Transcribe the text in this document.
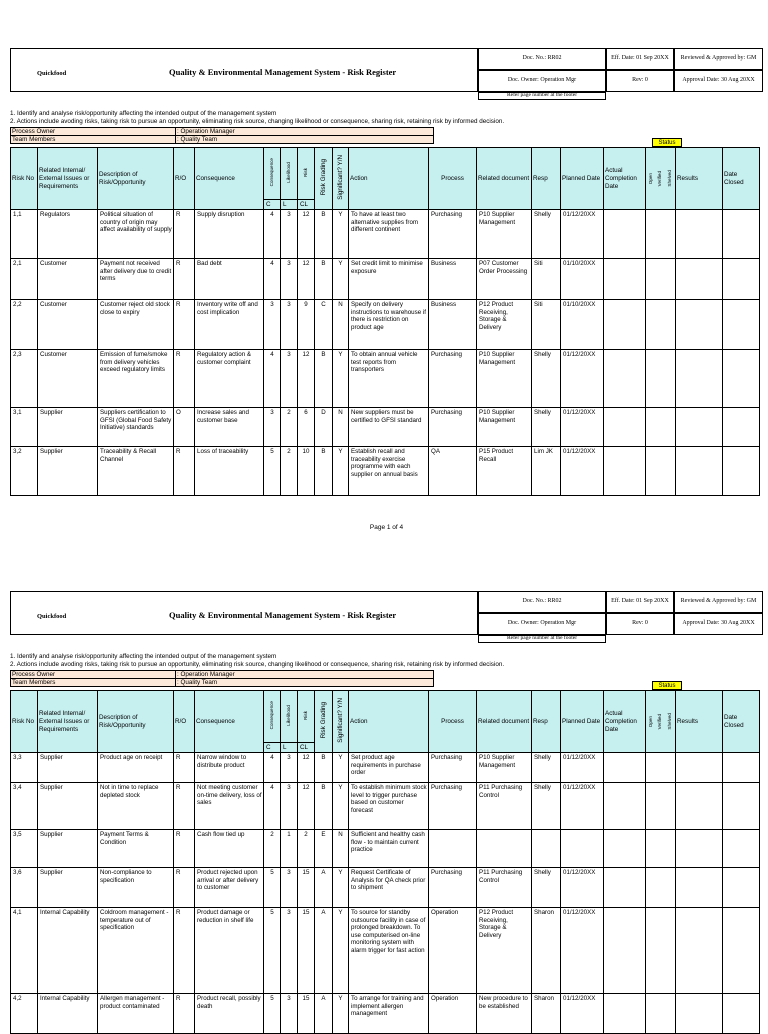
Quickfood	Quality & Environmental Management System - Risk Register
Doc. No.: RR02
Doc. Owner: Operation Mgr
Eff. Date: 01 Sep 20XX
Rev: 0
Reviewed & Approved by: GM
Approval Date: 30 Aug 20XX
Refer page number at the footer
1. Identify and analyse risk/opportunity affecting the intended output of the management system
2. Actions include avoding risks, taking risk to pursue an opportunity, eliminating risk source, changing likelihood or consequence, sharing risk, retaining risk by informed decision.
Process Owner	: Operation Manager
Team Members	: Quality Team	Status
Risk No	Related Internal/ External Issues or Requirements	Description of Risk/Opportunity	R/O	Consequence	Consequence	Likelihood	Risk	Risk Grading	Significant? Y/N	Action	Process	Related document	Resp	Planned Date	Actual Completion Date	Open Verified Shelved	Results	Date Closed
					C	L	CL											
1,1	Regulators	Political situation of country of origin may affect availability of supply	R	Supply disruption	4	3	12	B	Y	To have at least two alternative supplies from different continent	Purchasing	P10 Supplier Management	Shelly	01/12/20XX				
2,1	Customer	Payment not received after delivery due to credit terms	R	Bad debt	4	3	12	B	Y	Set credit limit to minimise exposure	Business	P07 Customer Order Processing	Siti	01/10/20XX				
2,2	Customer	Customer reject old stock close to expiry	R	Inventory write off and cost implication	3	3	9	C	N	Specify on delivery instructions to warehouse if there is restriction on product age	Business	P12 Product Receiving, Storage & Delivery	Siti	01/10/20XX				
2,3	Customer	Emission of fume/smoke from delivery vehicles exceed regulatory limits	R	Regulatory action & customer complaint	4	3	12	B	Y	To obtain annual vehicle test reports from transporters	Purchasing	P10 Supplier Management	Shelly	01/12/20XX				
3,1	Supplier	Suppliers certification to GFSI (Global Food Safety Initiative) standards	O	Increase sales and customer base	3	2	6	D	N	New suppliers must be certified to GFSI standard	Purchasing	P10 Supplier Management	Shelly	01/12/20XX				
3,2	Supplier	Traceability & Recall Channel	R	Loss of traceability	5	2	10	B	Y	Establish recall and traceability exercise programme with each supplier on annual basis	QA	P15 Product Recall	Lim JK	01/12/20XX				
Page 1 of 4
Quickfood	Quality & Environmental Management System - Risk Register
Doc. No.: RR02
Doc. Owner: Operation Mgr
Eff. Date: 01 Sep 20XX
Rev: 0
Reviewed & Approved by: GM
Approval Date: 30 Aug 20XX
Refer page number at the footer
1. Identify and analyse risk/opportunity affecting the intended output of the management system
2. Actions include avoding risks, taking risk to pursue an opportunity, eliminating risk source, changing likelihood or consequence, sharing risk, retaining risk by informed decision.
Process Owner	: Operation Manager
Team Members	: Quality Team	Status
Risk No	Related Internal/ External Issues or Requirements	Description of Risk/Opportunity	R/O	Consequence	Consequence	Likelihood	Risk	Risk Grading	Significant? Y/N	Action	Process	Related document	Resp	Planned Date	Actual Completion Date	Open Verified Shelved	Results	Date Closed
					C	L	CL											
3,3	Supplier	Product age on receipt	R	Narrow window to distribute product	4	3	12	B	Y	Set product age requirements in purchase order	Purchasing	P10 Supplier Management	Shelly	01/12/20XX				
3,4	Supplier	Not in time to replace depleted stock	R	Not meeting customer on-time delivery, loss of sales	4	3	12	B	Y	To establish minimum stock level to trigger purchase based on customer forecast	Purchasing	P11 Purchasing Control	Shelly	01/12/20XX				
3,5	Supplier	Payment Terms & Condition	R	Cash flow tied up	2	1	2	E	N	Sufficient and healthy cash flow - to maintain current practice								
3,6	Supplier	Non-compliance to specification	R	Product rejected upon arrival or after delivery to customer	5	3	15	A	Y	Request Certificate of Analysis for QA check prior to shipment	Purchasing	P11 Purchasing Control	Shelly	01/12/20XX				
4,1	Internal Capability	Coldroom management - temperature out of specification	R	Product damage or reduction in shelf life	5	3	15	A	Y	To source for standby outsource facility in case of prolonged breakdown. To use computerised on-line monitoring system with alarm trigger for fast action	Operation	P12 Product Receiving, Storage & Delivery	Sharon	01/12/20XX				
4,2	Internal Capability	Allergen management - product contaminated	R	Product recall, possibly death	5	3	15	A	Y	To arrange for training and implement allergen management	Operation	New procedure to be established	Sharon	01/12/20XX				
